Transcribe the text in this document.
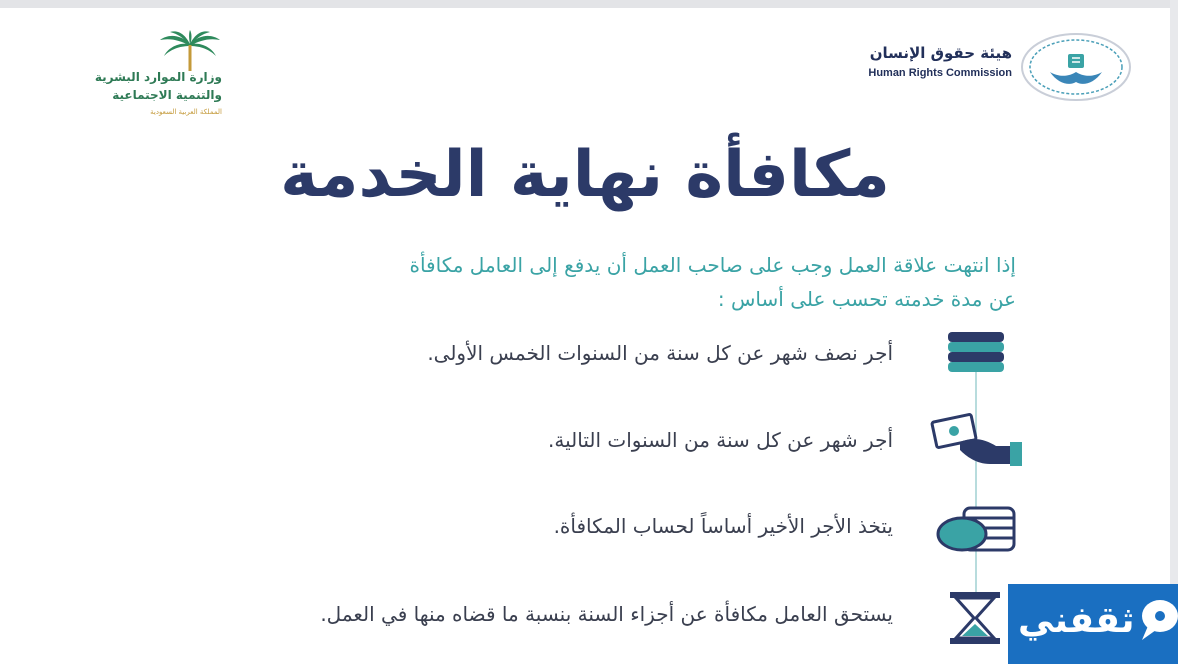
وزارة الموارد البشرية
والتنمية الاجتماعية
المملكة العربية السعودية
هيئة حقوق الإنسان
Human Rights Commission
مكافأة نهاية الخدمة
إذا انتهت علاقة العمل وجب على صاحب العمل أن يدفع إلى العامل مكافأة
عن مدة خدمته تحسب على أساس :
أجر نصف شهر عن كل سنة من السنوات الخمس الأولى.
أجر شهر عن كل سنة من السنوات التالية.
يتخذ الأجر الأخير أساساً لحساب المكافأة.
يستحق العامل مكافأة عن أجزاء السنة بنسبة ما قضاه منها في العمل.	ثقفني
